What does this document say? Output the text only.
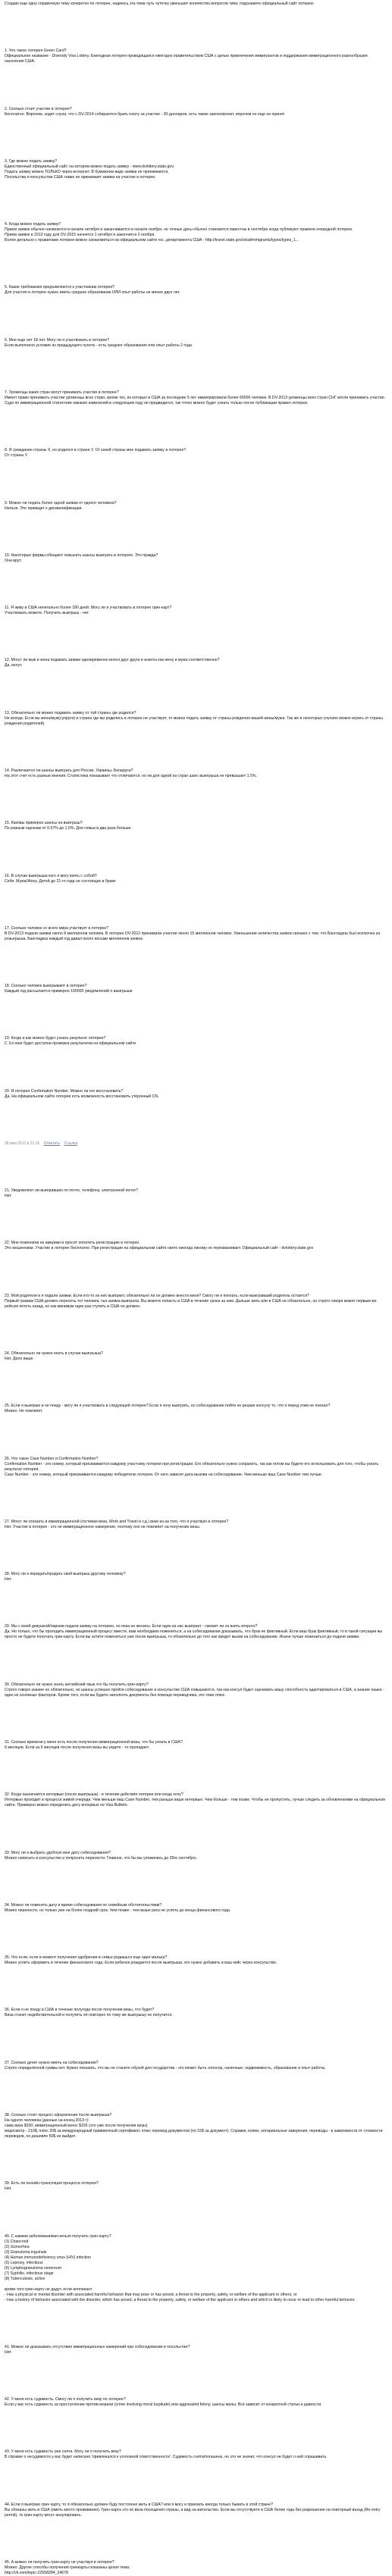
Создаю еще одну справочную тему конкретно по лотерее, надеюсь эта тема чуть чуточку уменьшит количество вопросов типа: подскажите официальный сайт лотереи.

1. Что такое лотерея Green Card?
Официальное название - Diversity Visa Lottery. Ежегодная лотерея проводящаяся ежегодно правительством США с целью привлечения иммигрантов и поддержания иммиграционного разнообразия населения США.

2. Сколько стоит участие в лотерее?
Бесплатно. Впрочем, ходят слухи, что с DV-2014 собираются брать плату за участие - 30 долларов, есть также законопроект, впрочем он еще не принят.

3. Где можно подать заявку?
Единственный официальный сайт, на котором можно подать заявку - www.dvlottery.state.gov.
Подать заявку можно ТОЛЬКО через интернет. В бумажном виде заявки не принимаются.
Посольства и консульства США также не принимают заявки на участие в лотерее.

4. Когда можно подать заявку?
Прием заявок обычно начинается в начале октября и заканчивается в начале ноября, но точные даты обычно становятся известны в сентябре когда публикуют правила очередной лотереи.
Прием заявок в 2013 году для DV-2015 начнется 1 октября и закончится 2 ноября.
Более детально с правилами лотереи можно ознакомиться на официальном сайте гос. департамента США - http://travel.state.gov/visa/immigrants/types/types_1...

5. Какие требования предъявляются к участникам лотереи?
Для участия в лотерее нужно иметь среднее образование ИЛИ опыт работы не менее двух лет.

6. Мне еще нет 18 лет. Могу ли я участвовать в лотерее?
Если выполнено условие из предыдущего пункта - есть среднее образование или опыт работы 2 года.

7. Уроженцы каких стран могут принимать участие в лотерее?
Имеют право принимать участие уроженцы всех стран, кроме тех, из которых в США за последние 5 лет иммигрировали более 50000 человек. В DV-2013 уроженцы всех стран СНГ могли принимать участие. Судя по иммиграционной статистике никаких изменений в следующем году не предвидится, так точно можно будет узнать только после публикации правил лотереи.

8. Я гражданин страны Х, но родился в стране У. От какой страны мне подавать заявку в лотерее?
От страны У.

9. Можно ли подать более одной заявки от одного человека?
Нельзя. Это приведет к дисквалификации.

10. Некоторые фирмы обещают повысить шансы выиграть в лотерею. Это правда?
Они врут.

11. Я живу в США нелегально более 180 дней. Могу ли я участвовать в лотерее грин-карт?
Участвовать можете. Получить выигрыш - нет.

12. Могут ли муж и жена подавать заявки одновременно внося друг друга в анкеты как жену и мужа соответственно?
Да, могут.

13. Обязательно ли можно подавать заявку от той страны где родился?
Не всегда. Если вы жена/муж(супруги) и страна где вы родились в лотерее не участвует, то можно подать заявку от страны рождения вашей жены/мужа. Так же в некоторых случаях можно играть от страны рождения родителей).

14. Различаются ли шансы выиграть для России, Украины, Беларуси?
На этот счет есть разные мнения. Статистика показывает что отличаются, но ни для одной из стран шанс выигрыша не превышает 1.5%.

15. Каковы примерно шансы на выигрыш?
По разным оценкам от 0.67% до 1.5%. Для семьи в два раза больше.

16. В случае выигрыша кого я могу взять с собой?
Себя. Мужа/Жену. Детей до 21-го года не состоящих в браке

17. Сколько человек со всего мира участвует в лотерее?
В DV-2013 подали заявки около 8 миллионов человек. В лотерее DV-2012 принимали участие около 15 миллионов человек. Уменьшение количества заявок связано с тем, что Бангладеш был исключен из розыгрыша. Бангладеш каждый год давал около восьми миллионов заявок.

18. Сколько человек выигрывают в лотерее?
Каждый год рассылается примерно 100000 уведомлений о выигрыше

19. Когда и как можно будет узнать результат лотереи?
С 1го мая будет доступна проверка результатов на официальном сайте

20. Я потерял Confirmation Number. Можно ли его восстановить?
Да. На официальном сайте лотереи есть возможность восстановить утерянный CN.

28 мая 2012 в 21:15 Ответить Ссылка

21. Уведомляют ли выигравших по почте, телефону, электронной почте?
Нет.

22. Мне позвонили из америки и просят оплатить регистрацию в лотерее.
Это мошенники. Участие в лотерее бесплатно. При регистрации на официальном сайте никто никогда никому не перезванивает. Официальный сайт - dvlottery.state.gov

23. Мой родители и я подали заявки. Если кто-то из них выиграет, обязательно ли он должен внести меня? Смогу ли я поехать, если выигравший родитель остается?
Первый грамаж США должен пересечь тот человек, чья заявка выиграла. Вы можете попасть в США в течение срока за ним. Дальше жить или в США не обязательно, он строго говоря может первым же рейсом лететь назад, но как минимум один раз ступить в США он должен.

24. Обязательно ли нужно ехать в случае выигрыша?
Нет. Дело ваше.

25. Если я выиграю и не поеду - могу ли я участвовать в следующей лотерее? Если я хочу выиграть, но собеседование пойти не решаю консулу то, что я перед этим не поехал?
Можно. Не повлияет.

26. Что такое Case Number и Confirmation Number?
Confirmation Number - это номер, который присваивается каждому участнику лотереи при регистрации. Его обязательно нужно сохранить, так как потом вы будете его использовать для того, чтобы узнать результат лотереи.
Case Number - это номер, который присваивается каждому победителю лотереи. От него зависит дата вызова на собеседование. Чем меньше ваш Case Number тем лучше.

27. Могут ли отказать в иммиграционной (гостевая виза, Work and Travel и т.д.) визе из-за того, что я участвую в лотерее?
Нет. Участие в лотерее - это не иммиграционное намерение, поэтому оно не повлияет на получение визы.

28. Могу ли я передать/продать свой выигрыш другому человеку?
Нет.

29. Мы с моей девушкой/парнем подали заявку на лотерею, но пока не женаты. Если один из нас выиграет - сможет ли он взять второго?
Да. Но только, что бы проходить иммиграционный процесс вместе, вам необходимо пожениться, а на собеседовании доказывать, что брак не фиктивный. Если ваш брак фиктивный, то в такой ситуации вы просто не будете получать грин-карту. Если вы хотите пожениться уже после выигрыша, то обязательно до того как придет вызов на собеседование. Иначе лучше пожениться до подачи заявки.

30. Обязательно ли нужно знать английский язык что бы получить грин-карту?
Строго говоря знание не обязательно, но шансы успешно пройти собеседование в консульстве США повышаются, так как консул будет оценивать вашу способность адаптироваться в США, а знание языка - один из основных факторов. Кроме того, если вы будете заполнять документы без помощи переводчика, это тоже плюс.

31. Сколько времени у меня есть после получения иммиграционной визы, что бы уехать в США?
6 месяцев. Если за 6 месяцев после получения визы вы уедете - то пропадает.

32. Когда назначается интервью (после выигрыша) - в течение действия лотереи или когда хочу?
Интервью проходит в процессе живой очереди. Чем меньше ваш Case Number, тем раньше ваше интервью. Чем больше - тем позже. Чтобы не пропустить, лучше следить за обновлениями на официальном сайте. Примерно можно определить дату интервью по Visa Bulletin.

33. Могу ли я выбрать удобную мне дату собеседования?
Можно написать в консульство и попросить перенести. Главное, что бы вы уложились до 30го сентября..

34. Можно ли поменять дату и время собеседования по семейным обстоятельствам?
Можно перенести, но только уже на более поздний срок. Чем позже - тем выше риск не успеть до конца финансового года.

35. Что если, если в момент получения одобрения в семье родишься еще один малыш?
Можно успеть оформить в течение финансового года. Если ребенок рождается после выигрыша, его нужно добавить в ваш кейс через консульство.

36. Если я не поеду в США в течение полугода после получения визы, что будет?
Виза станет недействительной и получить её повторно по тому же выигрышу не получится.

37. Сколько денег нужно иметь на собеседовании?
Строго определённой суммы нет. Нужно показать, что вы не станете обузой для государства - это может быть спонсор, наличные, недвижимость, образование и опыт работы.

38. Сколько стоит процесс оформления после выигрыша?
На одного человека (данные на конец 2013 г):
сама виза $330, иммиграционный взнос $165 (это уже после получения визы)
медосмотр - 210$, плюс 20$ за международный прививочный сертификат, плюс перевод документов (пo 15$ за документ). Справки, копии, нотариальные заверения, переводы - в зависимости от стоимости переводов, но дешевле 50$ не выйдет.

39. Есть ли онлайн-трансляция процесса лотереи?
Нет.

40. С какими заболеваниями нельзя получить грин-карту?
(1) Chancroid
(2) Gonorrhea
(3) Granuloma inguinale
(4) Human immunodeficiency virus (HIV) infection
(5) Leprosy, infectious
(6) Lymphogranuloma venereum
(7) Syphilis, infectious stage
(8) Tuberculosis, active

кроме того грин-карту не дадут, если аппликант:
- Has a physical or mental disorder with associated harmful behavior that may pose or has posed, a threat to the property, safety, or welfare of the applicant or others; or
- Has a history of behavior associated with the disorder, which has posed, a threat to the property, safety, or welfare of the applicant or others and which is likely to recur or lead to other harmful behavior.

41. Можно ли доказывать отсутствие иммиграционных намерений при собеседовании в посольстве?
Нет.

42. У меня есть судимость. Смогу ли я получить визу по лотерее?
Если у вас есть судимость за преступление против морали (crime involving moral turpitude) или aggravated felony, шансы малы. Всё зависит от конкретной статьи и давности.

43. У меня есть судимость уже снята. Могу ли я получить визу?
В справке о несудимости у вас будет написано 'привлекался к уголовной ответственности'. Судимость снята/погашена, но это не значит, что консул не будет о ней спрашивать.

44. Если я выиграю грин карту, то я обязательно должен буду постоянно жить в США? или я могу и приехать иногда только бывать в этой стране?
Вы обязаны жить в США (иметь место проживания). Грин-карта это не виза посещения страны, а вид на жительство. Если вы отсутствуете в США более года без разрешения на повторный въезд (Re-entry permit), то грин-карту могут аннулировать.

45. А можно ли получить грин-карту не участвуя в лотерее?
Можно. Другие способы получения гринкарты показаны целая тема:
http://vk.com/topic-22558284_24678
